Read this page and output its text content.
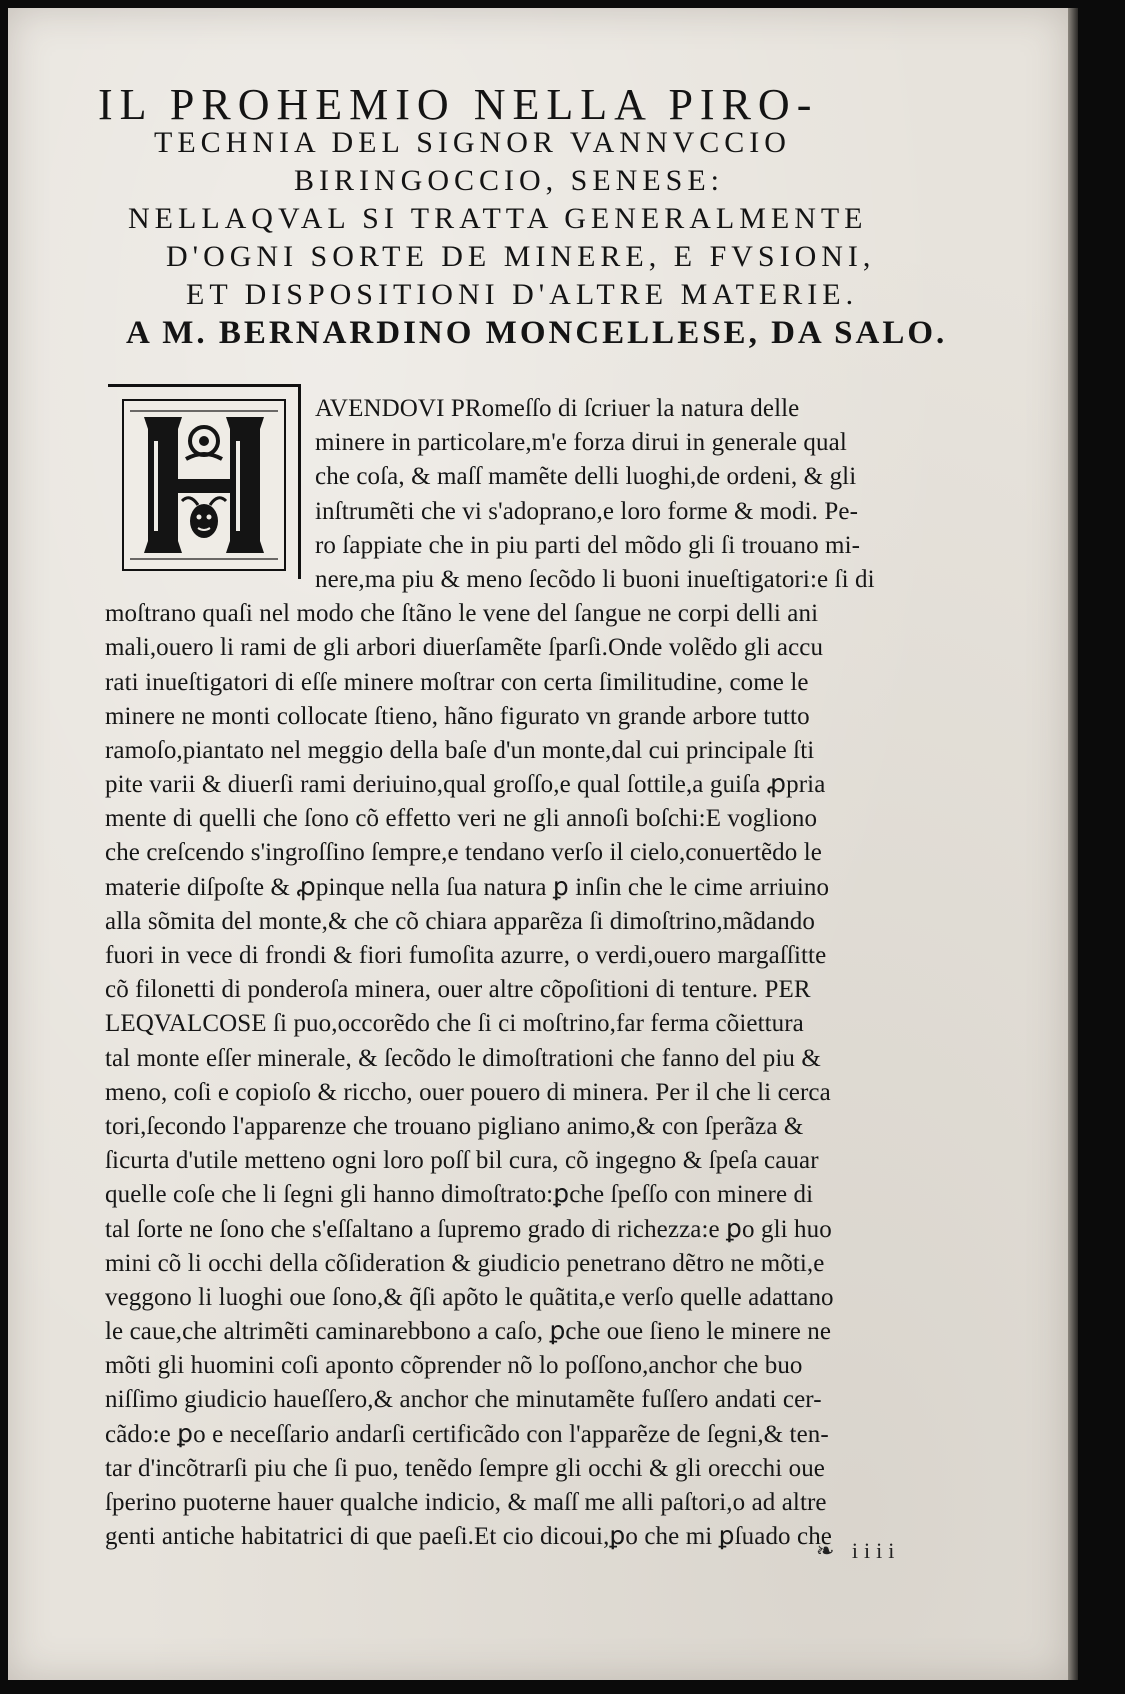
IL PROHEMIO NELLA PIRO-
TECHNIA DEL SIGNOR VANNVCCIO
BIRINGOCCIO, SENESE:
NELLAQVAL SI TRATTA GENERALMENTE
D'OGNI SORTE DE MINERE, E FVSIONI,
ET DISPOSITIONI D'ALTRE MATERIE.
A M. BERNARDINO MONCELLESE, DA SALO.
AVENDOVI PRomeſſo di ſcriuer la natura delle
minere in particolare,m'e forza dirui in generale qual
che coſa, & maſſ mamẽte delli luoghi,de ordeni, & gli
inſtrumẽti che vi s'adoprano,e loro forme & modi. Pe-
ro ſappiate che in piu parti del mõdo gli ſi trouano mi-
nere,ma piu & meno ſecõdo li buoni inueſtigatori:e ſi di
moſtrano quaſi nel modo che ſtãno le vene del ſangue ne corpi delli ani
mali,ouero li rami de gli arbori diuerſamẽte ſparſi.Onde volẽdo gli accu
rati inueſtigatori di eſſe minere moſtrar con certa ſimilitudine, come le
minere ne monti collocate ſtieno, hãno figurato vn grande arbore tutto
ramoſo,piantato nel meggio della baſe d'un monte,dal cui principale ſti
pite varii & diuerſi rami deriuino,qual groſſo,e qual ſottile,a guiſa ꝓpria
mente di quelli che ſono cõ effetto veri ne gli annoſi boſchi:E vogliono
che creſcendo s'ingroſſino ſempre,e tendano verſo il cielo,conuertẽdo le
materie diſpoſte & ꝓpinque nella ſua natura ꝑ inſin che le cime arriuino
alla sõmita del monte,& che cõ chiara apparẽza ſi dimoſtrino,mãdando
fuori in vece di frondi & fiori fumoſita azurre, o verdi,ouero margaſſitte
cõ filonetti di ponderoſa minera, ouer altre cõpoſitioni di tenture. PER
LEQVALCOSE ſi puo,occorẽdo che ſi ci moſtrino,far ferma cõiettura
tal monte eſſer minerale, & ſecõdo le dimoſtrationi che fanno del piu &
meno, coſi e copioſo & riccho, ouer pouero di minera. Per il che li cerca
tori,ſecondo l'apparenze che trouano pigliano animo,& con ſperãza &
ſicurta d'utile metteno ogni loro poſſ bil cura, cõ ingegno & ſpeſa cauar
quelle coſe che li ſegni gli hanno dimoſtrato:ꝑche ſpeſſo con minere di
tal ſorte ne ſono che s'eſſaltano a ſupremo grado di richezza:e ꝑo gli huo
mini cõ li occhi della cõſideration & giudicio penetrano dẽtro ne mõti,e
veggono li luoghi oue ſono,& q̃ſi apõto le quãtita,e verſo quelle adattano
le caue,che altrimẽti caminarebbono a caſo, ꝑche oue ſieno le minere ne
mõti gli huomini coſi aponto cõprender nõ lo poſſono,anchor che buo
niſſimo giudicio haueſſero,& anchor che minutamẽte fuſſero andati cer-
cãdo:e ꝑo e neceſſario andarſi certificãdo con l'apparẽze de ſegni,& ten-
tar d'incõtrarſi piu che ſi puo, tenẽdo ſempre gli occhi & gli orecchi oue
ſperino puoterne hauer qualche indicio, & maſſ me alli paſtori,o ad altre
genti antiche habitatrici di que paeſi.Et cio dicoui,ꝑo che mi ꝑſuado che
❧ iiii
